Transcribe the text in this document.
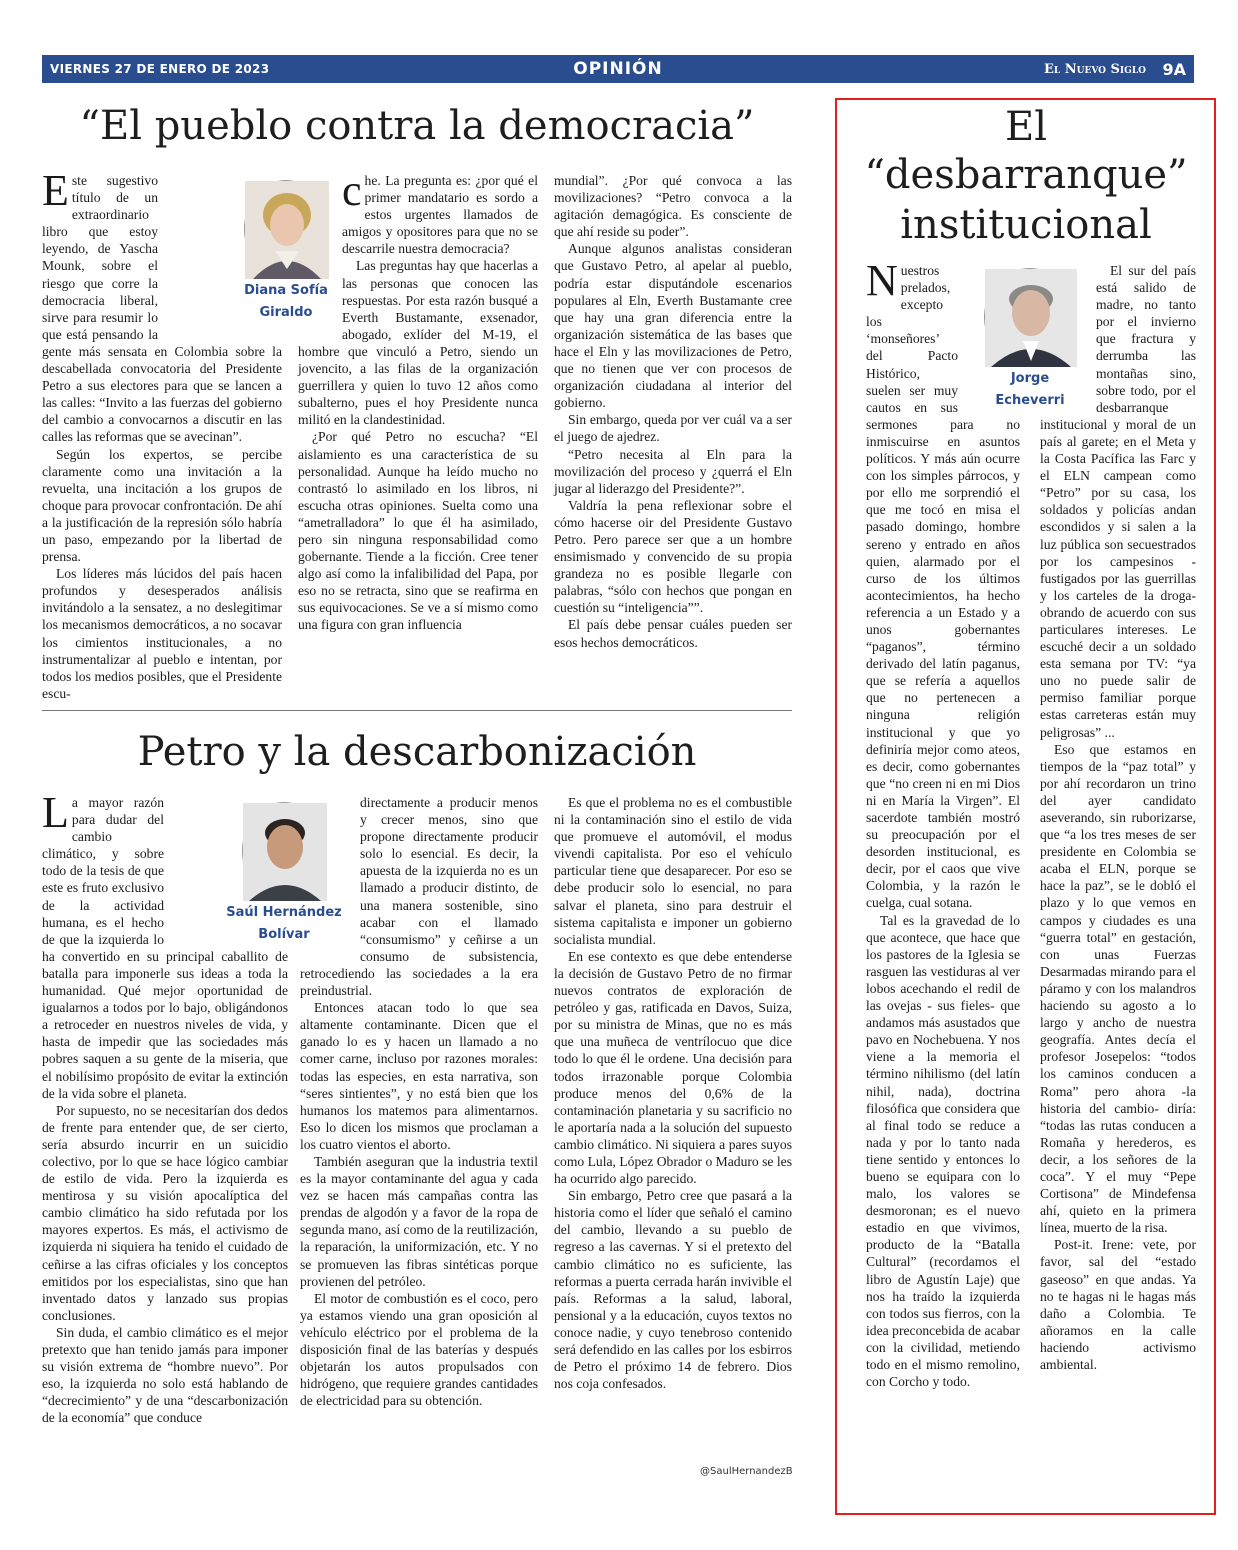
VIERNES 27 DE ENERO DE 2023	OPINIÓN	El Nuevo Siglo 9A
“El pueblo contra la democracia”

Este sugestivo título de un extraordinario libro que estoy leyendo, de Yascha Mounk, sobre el riesgo que corre la democracia liberal, sirve para resumir lo que está pensando la gente más sensata en Colombia sobre la descabellada convocatoria del Presidente Petro a sus electores para que se lancen a las calles: “Invito a las fuerzas del gobierno del cambio a convocarnos a discutir en las calles las reformas que se avecinan”.

Según los expertos, se percibe claramente como una invitación a la revuelta, una incitación a los grupos de choque para provocar confrontación. De ahí a la justificación de la represión sólo habría un paso, empezando por la libertad de prensa.

Los líderes más lúcidos del país hacen profundos y desesperados análisis invitándolo a la sensatez, a no deslegitimar los mecanismos democráticos, a no socavar los cimientos institucionales, a no instrumentalizar al pueblo e intentan, por todos los medios posibles, que el Presidente escu-

Diana Sofía
Giraldo

che. La pregunta es: ¿por qué el primer mandatario es sordo a estos urgentes llamados de amigos y opositores para que no se descarrile nuestra democracia?

Las preguntas hay que hacerlas a las personas que conocen las respuestas. Por esta razón busqué a Everth Bustamante, exsenador, abogado, exlíder del M-19, el hombre que vinculó a Petro, siendo un jovencito, a las filas de la organización guerrillera y quien lo tuvo 12 años como subalterno, pues el hoy Presidente nunca militó en la clandestinidad.

¿Por qué Petro no escucha? “El aislamiento es una característica de su personalidad. Aunque ha leído mucho no contrastó lo asimilado en los libros, ni escucha otras opiniones. Suelta como una “ametralladora” lo que él ha asimilado, pero sin ninguna responsabilidad como gobernante. Tiende a la ficción. Cree tener algo así como la infalibilidad del Papa, por eso no se retracta, sino que se reafirma en sus equivocaciones. Se ve a sí mismo como una figura con gran influencia

mundial”. ¿Por qué convoca a las movilizaciones? “Petro convoca a la agitación demagógica. Es consciente de que ahí reside su poder”.

Aunque algunos analistas consideran que Gustavo Petro, al apelar al pueblo, podría estar disputándole escenarios populares al Eln, Everth Bustamante cree que hay una gran diferencia entre la organización sistemática de las bases que hace el Eln y las movilizaciones de Petro, que no tienen que ver con procesos de organización ciudadana al interior del gobierno.

Sin embargo, queda por ver cuál va a ser el juego de ajedrez.

“Petro necesita al Eln para la movilización del proceso y ¿querrá el Eln jugar al liderazgo del Presidente?”.

Valdría la pena reflexionar sobre el cómo hacerse oir del Presidente Gustavo Petro. Pero parece ser que a un hombre ensimismado y convencido de su propia grandeza no es posible llegarle con palabras, “sólo con hechos que pongan en cuestión su “inteligencia””.

El país debe pensar cuáles pueden ser esos hechos democráticos.

Petro y la descarbonización

La mayor razón para dudar del cambio climático, y sobre todo de la tesis de que este es fruto exclusivo de la actividad humana, es el hecho de que la izquierda lo ha convertido en su principal caballito de batalla para imponerle sus ideas a toda la humanidad. Qué mejor oportunidad de igualarnos a todos por lo bajo, obligándonos a retroceder en nuestros niveles de vida, y hasta de impedir que las sociedades más pobres saquen a su gente de la miseria, que el nobilísimo propósito de evitar la extinción de la vida sobre el planeta.

Por supuesto, no se necesitarían dos dedos de frente para entender que, de ser cierto, sería absurdo incurrir en un suicidio colectivo, por lo que se hace lógico cambiar de estilo de vida. Pero la izquierda es mentirosa y su visión apocalíptica del cambio climático ha sido refutada por los mayores expertos. Es más, el activismo de izquierda ni siquiera ha tenido el cuidado de ceñirse a las cifras oficiales y los conceptos emitidos por los especialistas, sino que han inventado datos y lanzado sus propias conclusiones.

Sin duda, el cambio climático es el mejor pretexto que han tenido jamás para imponer su visión extrema de “hombre nuevo”. Por eso, la izquierda no solo está hablando de “decrecimiento” y de una “descarbonización de la economía” que conduce

Saúl Hernández
Bolívar

directamente a producir menos y crecer menos, sino que propone directamente producir solo lo esencial. Es decir, la apuesta de la izquierda no es un llamado a producir distinto, de una manera sostenible, sino acabar con el llamado “consumismo” y ceñirse a un consumo de subsistencia, retrocediendo las sociedades a la era preindustrial.

Entonces atacan todo lo que sea altamente contaminante. Dicen que el ganado lo es y hacen un llamado a no comer carne, incluso por razones morales: todas las especies, en esta narrativa, son “seres sintientes”, y no está bien que los humanos los matemos para alimentarnos. Eso lo dicen los mismos que proclaman a los cuatro vientos el aborto.

También aseguran que la industria textil es la mayor contaminante del agua y cada vez se hacen más campañas contra las prendas de algodón y a favor de la ropa de segunda mano, así como de la reutilización, la reparación, la uniformización, etc. Y no se promueven las fibras sintéticas porque provienen del petróleo.

El motor de combustión es el coco, pero ya estamos viendo una gran oposición al vehículo eléctrico por el problema de la disposición final de las baterías y después objetarán los autos propulsados con hidrógeno, que requiere grandes cantidades de electricidad para su obtención.

Es que el problema no es el combustible ni la contaminación sino el estilo de vida que promueve el automóvil, el modus vivendi capitalista. Por eso el vehículo particular tiene que desaparecer. Por eso se debe producir solo lo esencial, no para salvar el planeta, sino para destruir el sistema capitalista e imponer un gobierno socialista mundial.

En ese contexto es que debe entenderse la decisión de Gustavo Petro de no firmar nuevos contratos de exploración de petróleo y gas, ratificada en Davos, Suiza, por su ministra de Minas, que no es más que una muñeca de ventrílocuo que dice todo lo que él le ordene. Una decisión para todos irrazonable porque Colombia produce menos del 0,6% de la contaminación planetaria y su sacrificio no le aportaría nada a la solución del supuesto cambio climático. Ni siquiera a pares suyos como Lula, López Obrador o Maduro se les ha ocurrido algo parecido.

Sin embargo, Petro cree que pasará a la historia como el líder que señaló el camino del cambio, llevando a su pueblo de regreso a las cavernas. Y si el pretexto del cambio climático no es suficiente, las reformas a puerta cerrada harán invivible el país. Reformas a la salud, laboral, pensional y a la educación, cuyos textos no conoce nadie, y cuyo tenebroso contenido será defendido en las calles por los esbirros de Petro el próximo 14 de febrero. Dios nos coja confesados.

@SaulHernandezB
El
“desbarranque”
institucional

Nuestros prelados, excepto los ‘monseñores’ del Pacto Histórico, suelen ser muy cautos en sus sermones para no inmiscuirse en asuntos políticos. Y más aún ocurre con los simples párrocos, y por ello me sorprendió el que me tocó en misa el pasado domingo, hombre sereno y entrado en años quien, alarmado por el curso de los últimos acontecimientos, ha hecho referencia a un Estado y a unos gobernantes “paganos”, término derivado del latín paganus, que se refería a aquellos que no pertenecen a ninguna religión institucional y que yo definiría mejor como ateos, es decir, como gobernantes que “no creen ni en mi Dios ni en María la Virgen”. El sacerdote también mostró su preocupación por el desorden institucional, es decir, por el caos que vive Colombia, y la razón le cuelga, cual sotana.

Tal es la gravedad de lo que acontece, que hace que los pastores de la Iglesia se rasguen las vestiduras al ver lobos acechando el redil de las ovejas - sus fieles- que andamos más asustados que pavo en Nochebuena. Y nos viene a la memoria el término nihilismo (del latín nihil, nada), doctrina filosófica que considera que al final todo se reduce a nada y por lo tanto nada tiene sentido y entonces lo bueno se equipara con lo malo, los valores se desmoronan; es el nuevo estadio en que vivimos, producto de la “Batalla Cultural” (recordamos el libro de Agustín Laje) que nos ha traído la izquierda con todos sus fierros, con la idea preconcebida de acabar con la civilidad, metiendo todo en el mismo remolino, con Corcho y todo.

Jorge
Echeverri

El sur del país está salido de madre, no tanto por el invierno que fractura y derrumba las montañas sino, sobre todo, por el desbarranque institucional y moral de un país al garete; en el Meta y la Costa Pacífica las Farc y el ELN campean como “Petro” por su casa, los soldados y policías andan escondidos y si salen a la luz pública son secuestrados por los campesinos -fustigados por las guerrillas y los carteles de la droga- obrando de acuerdo con sus particulares intereses. Le escuché decir a un soldado esta semana por TV: “ya uno no puede salir de permiso familiar porque estas carreteras están muy peligrosas” ...

Eso que estamos en tiempos de la “paz total” y por ahí recordaron un trino del ayer candidato aseverando, sin ruborizarse, que “a los tres meses de ser presidente en Colombia se acaba el ELN, porque se hace la paz”, se le dobló el plazo y lo que vemos en campos y ciudades es una “guerra total” en gestación, con unas Fuerzas Desarmadas mirando para el páramo y con los malandros haciendo su agosto a lo largo y ancho de nuestra geografía. Antes decía el profesor Josepelos: “todos los caminos conducen a Roma” pero ahora -la historia del cambio- diría: “todas las rutas conducen a Romaña y herederos, es decir, a los señores de la coca”. Y el muy “Pepe Cortisona” de Mindefensa ahí, quieto en la primera línea, muerto de la risa.

Post-it. Irene: vete, por favor, sal del “estado gaseoso” en que andas. Ya no te hagas ni le hagas más daño a Colombia. Te añoramos en la calle haciendo activismo ambiental.
